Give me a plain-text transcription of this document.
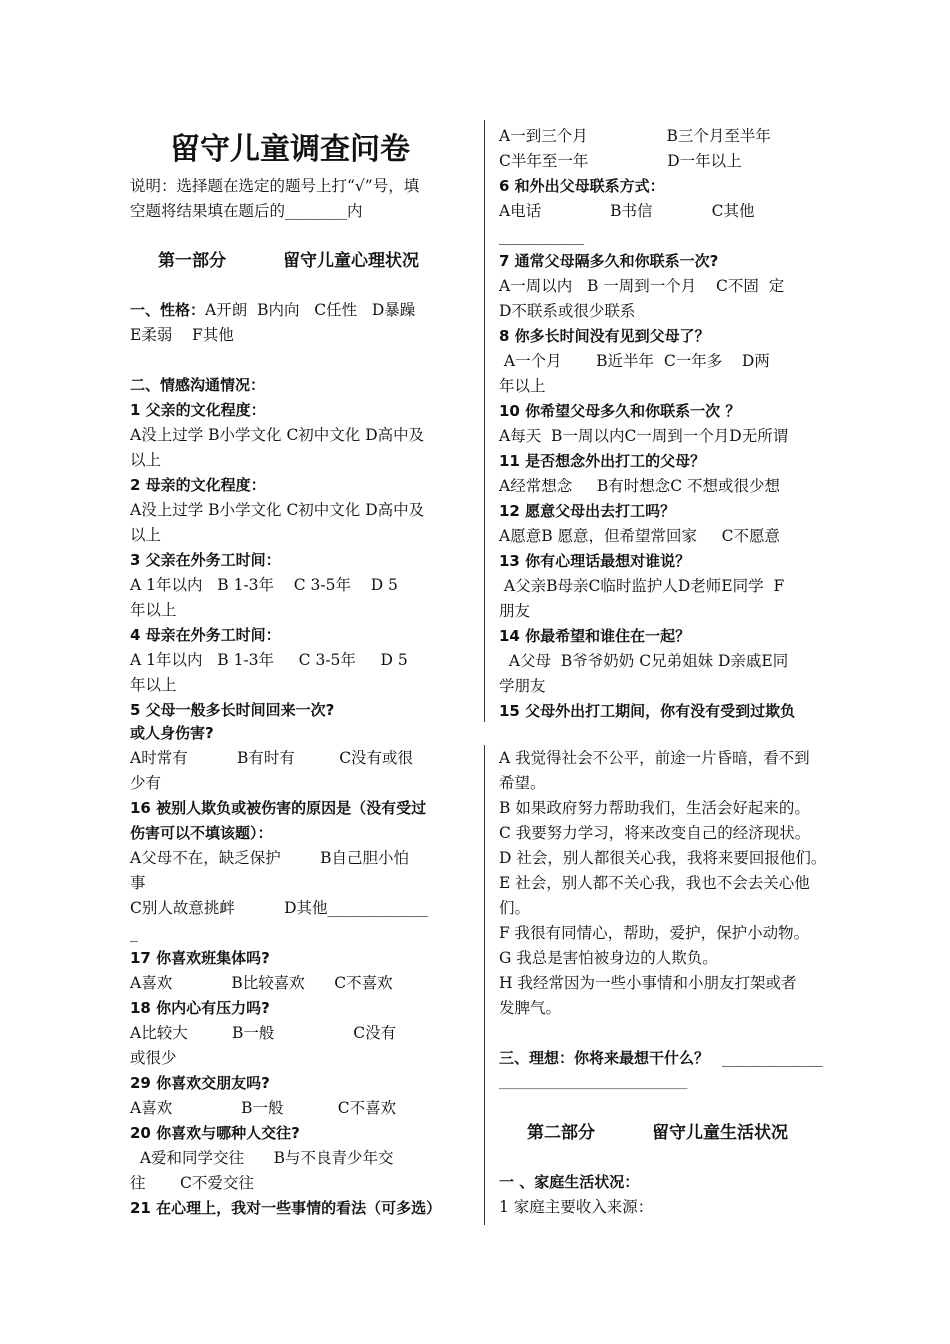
留守儿童调查问卷
说明：选择题在选定的题号上打“√”号，填
空题将结果填在题后的________内
第一部分	留守儿童心理状况
一、性格：A开朗  B内向   C任性   D暴躁
E柔弱    F其他
二、情感沟通情况：
1 父亲的文化程度：
A没上过学 B小学文化 C初中文化 D高中及
以上
2 母亲的文化程度：
A没上过学 B小学文化 C初中文化 D高中及
以上
3 父亲在外务工时间：
A 1年以内   B 1-3年    C 3-5年    D 5
年以上
4 母亲在外务工时间：
A 1年以内   B 1-3年     C 3-5年     D 5
年以上
5 父母一般多长时间回来一次?
A一到三个月                B三个月至半年
C半年至一年                D一年以上
6 和外出父母联系方式：
A电话              B书信            C其他
___________
7 通常父母隔多久和你联系一次?
A一周以内   B 一周到一个月    C不固  定
D不联系或很少联系
8 你多长时间没有见到父母了？
A一个月       B近半年  C一年多    D两
年以上
10 你希望父母多久和你联系一次 ？
A每天  B一周以内C一周到一个月D无所谓
11 是否想念外出打工的父母？
A经常想念     B有时想念C 不想或很少想
12 愿意父母出去打工吗？
A愿意B 愿意，但希望常回家     C不愿意
13 你有心理话最想对谁说？
A父亲B母亲C临时监护人D老师E同学  F
朋友
14 你最希望和谁住在一起？
A父母  B爷爷奶奶 C兄弟姐妹 D亲戚E同
学朋友
15 父母外出打工期间，你有没有受到过欺负
或人身伤害?
A时常有          B有时有         C没有或很
少有
16 被别人欺负或被伤害的原因是（没有受过
伤害可以不填该题）：
A父母不在，缺乏保护        B自己胆小怕
事
C别人故意挑衅          D其他_____________
_
17 你喜欢班集体吗?
A喜欢            B比较喜欢      C不喜欢
18 你内心有压力吗?
A比较大         B一般                C没有
或很少
29 你喜欢交朋友吗?
A喜欢              B一般           C不喜欢
20 你喜欢与哪种人交往?
A爱和同学交往      B与不良青少年交
往       C不爱交往
21 在心理上，我对一些事情的看法（可多选）
A 我觉得社会不公平，前途一片昏暗，看不到
希望。
B 如果政府努力帮助我们，生活会好起来的。
C 我要努力学习，将来改变自己的经济现状。
D 社会，别人都很关心我，我将来要回报他们。
E 社会，别人都不关心我，我也不会去关心他
们。
F 我很有同情心，帮助，爱护，保护小动物。
G 我总是害怕被身边的人欺负。
H 我经常因为一些小事情和小朋友打架或者
发脾气。
三、理想：你将来最想干什么？ _____________
_____________________________
第二部分	留守儿童生活状况
一 、家庭生活状况：
1 家庭主要收入来源：
